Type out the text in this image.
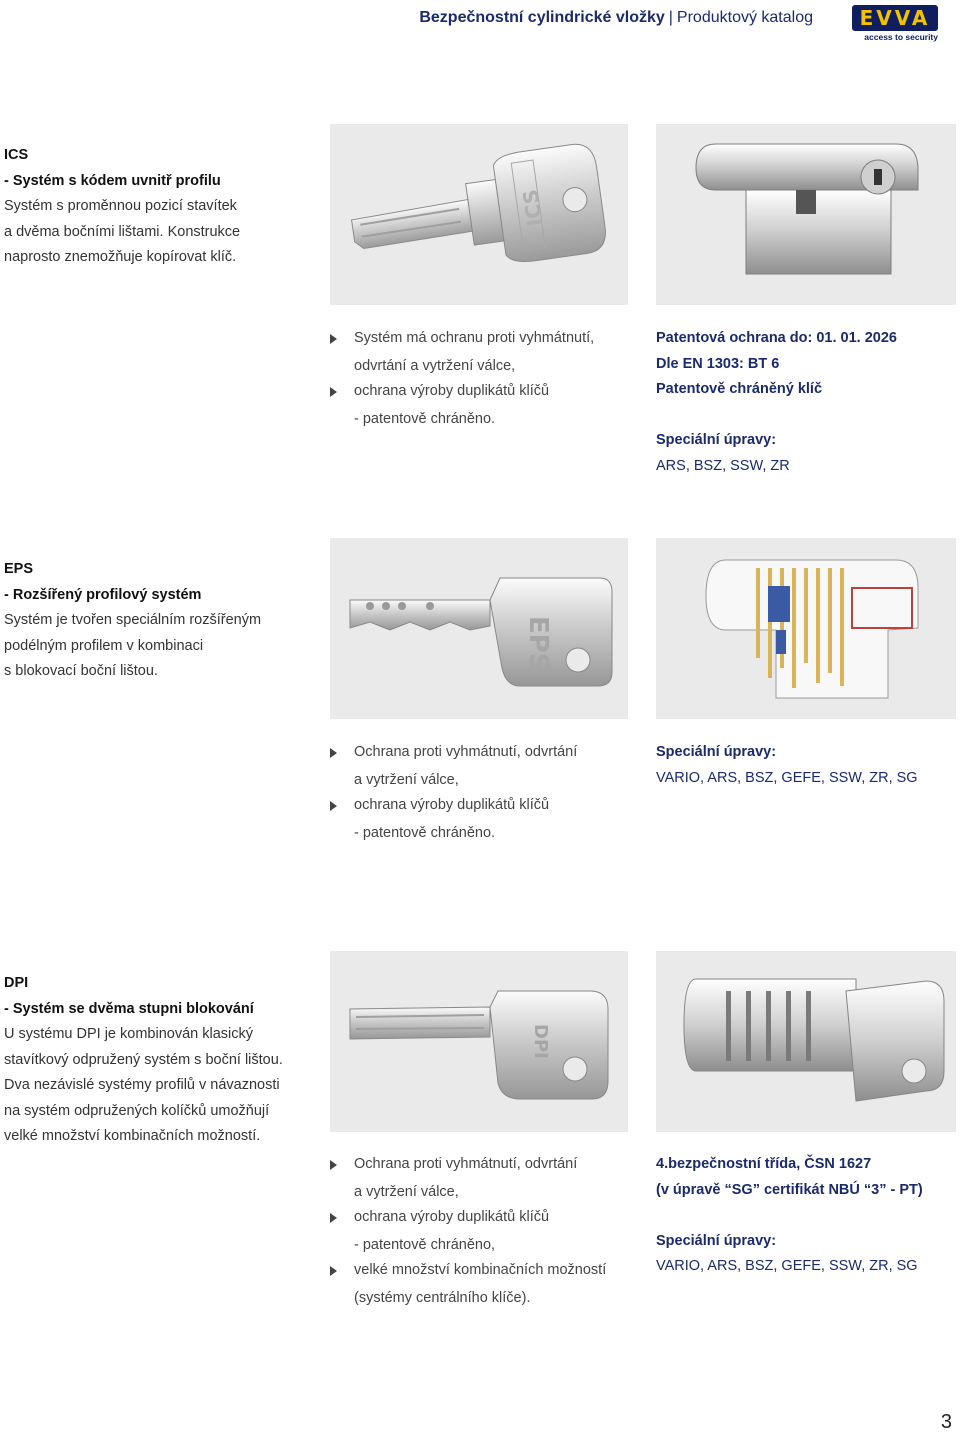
Bezpečnostní cylindrické vložky | Produktový katalog EVVA
access to security
ICS
- Systém s kódem uvnitř profilu
Systém s proměnnou pozicí stavítek
a dvěma bočními lištami. Konstrukce
naprosto znemožňuje kopírovat klíč.
ICS
Systém má ochranu proti vyhmátnutí,
odvrtání a vytržení válce,
ochrana výroby duplikátů klíčů
- patentově chráněno.
Patentová ochrana do: 01. 01. 2026
Dle EN 1303: BT 6
Patentově chráněný klíč
Speciální úpravy:
ARS, BSZ, SSW, ZR
EPS
- Rozšířený profilový systém
Systém je tvořen speciálním rozšířeným
podélným profilem v kombinaci
s blokovací boční lištou.	EPS
Ochrana proti vyhmátnutí, odvrtání
a vytržení válce,
ochrana výroby duplikátů klíčů
- patentově chráněno.
Speciální úpravy:
VARIO, ARS, BSZ, GEFE, SSW, ZR, SG
DPI
- Systém se dvěma stupni blokování
U systému DPI je kombinován klasický
stavítkový odpružený systém s boční lištou.
Dva nezávislé systémy profilů v návaznosti
na systém odpružených kolíčků umožňují
velké množství kombinačních možností.
DPI
Ochrana proti vyhmátnutí, odvrtání
a vytržení válce,
ochrana výroby duplikátů klíčů
- patentově chráněno,
velké množství kombinačních možností
(systémy centrálního klíče).
4.bezpečnostní třída, ČSN 1627
(v úpravě “SG” certifikát NBÚ “3” - PT)
Speciální úpravy:
VARIO, ARS, BSZ, GEFE, SSW, ZR, SG
3
